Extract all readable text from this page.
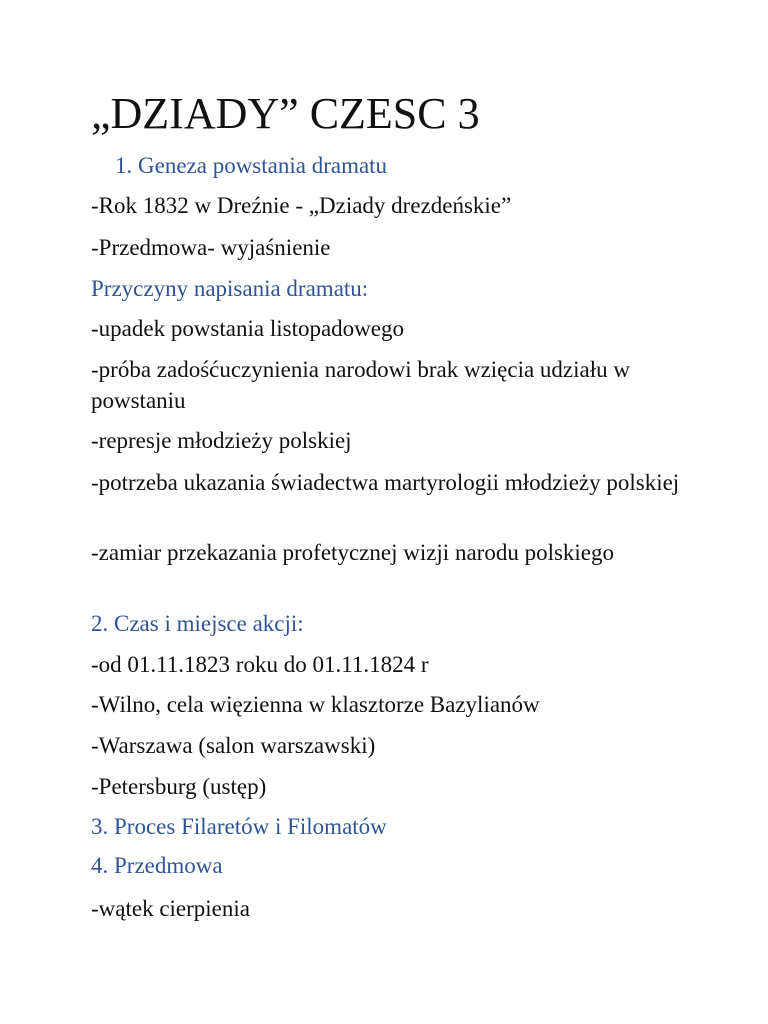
„DZIADY” CZESC 3
1. Geneza powstania dramatu
-Rok 1832 w Dreźnie - „Dziady drezdeńskie”
-Przedmowa- wyjaśnienie
Przyczyny napisania dramatu:
-upadek powstania listopadowego
-próba zadośćuczynienia narodowi brak wzięcia udziału w powstaniu
-represje młodzieży polskiej
-potrzeba ukazania świadectwa martyrologii młodzieży polskiej
-zamiar przekazania profetycznej wizji narodu polskiego
2. Czas i miejsce akcji:
-od 01.11.1823 roku do 01.11.1824 r
-Wilno, cela więzienna w klasztorze Bazylianów
-Warszawa (salon warszawski)
-Petersburg (ustęp)
3. Proces Filaretów i Filomatów
4. Przedmowa
-wątek cierpienia
